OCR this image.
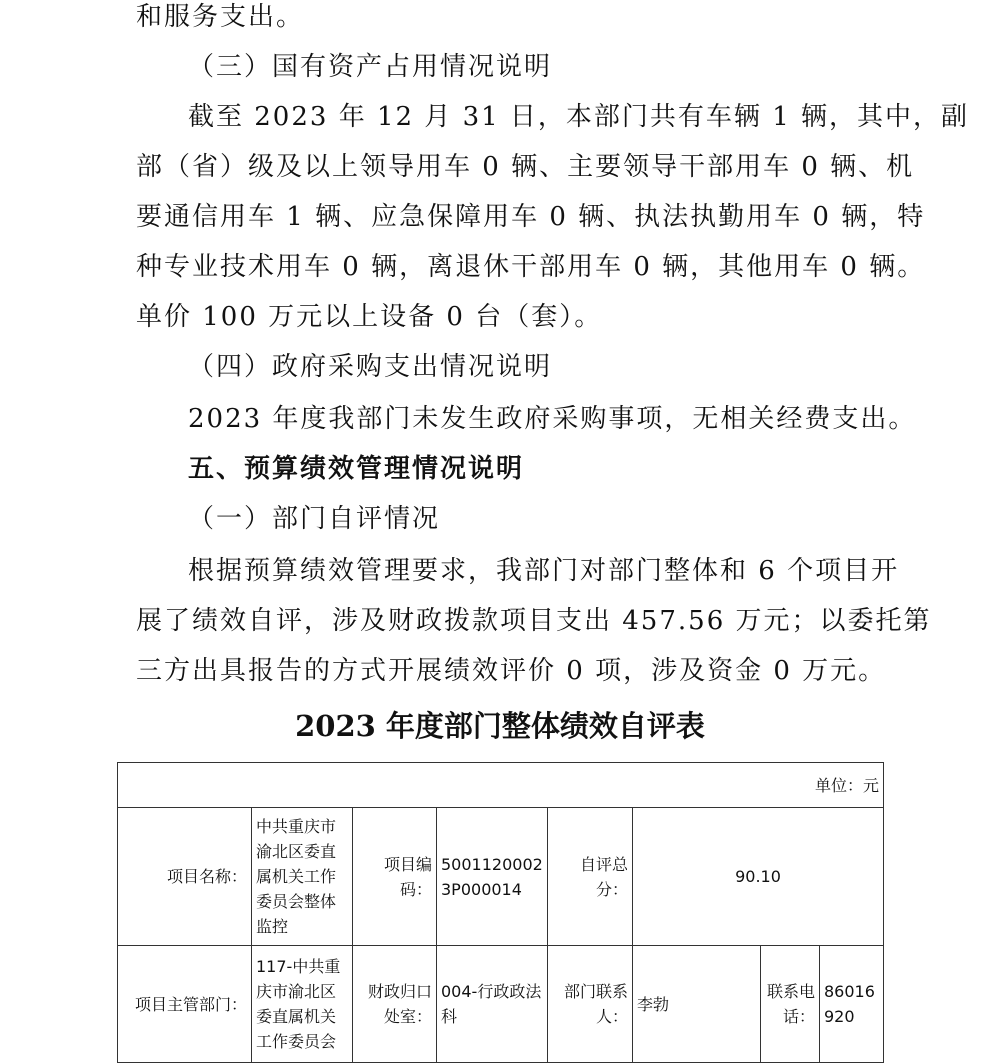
和服务支出。
（三）国有资产占用情况说明
截至 2023 年 12 月 31 日，本部门共有车辆 1 辆，其中，副
部（省）级及以上领导用车 0 辆、主要领导干部用车 0 辆、机
要通信用车 1 辆、应急保障用车 0 辆、执法执勤用车 0 辆，特
种专业技术用车 0 辆，离退休干部用车 0 辆，其他用车 0 辆。
单价 100 万元以上设备 0 台（套）。
（四）政府采购支出情况说明
2023 年度我部门未发生政府采购事项，无相关经费支出。
五、预算绩效管理情况说明
（一）部门自评情况
根据预算绩效管理要求，我部门对部门整体和 6 个项目开
展了绩效自评，涉及财政拨款项目支出 457.56 万元；以委托第
三方出具报告的方式开展绩效评价 0 项，涉及资金 0 万元。
2023 年度部门整体绩效自评表
单位：元							
项目名称：	中共重庆市渝北区委直属机关工作委员会整体监控	项目编码：	50011200023P000014	自评总分：	90.10		
项目主管部门：	117-中共重庆市渝北区委直属机关工作委员会	财政归口处室：	004-行政政法科	部门联系人：	李勃	联系电话：	86016920
